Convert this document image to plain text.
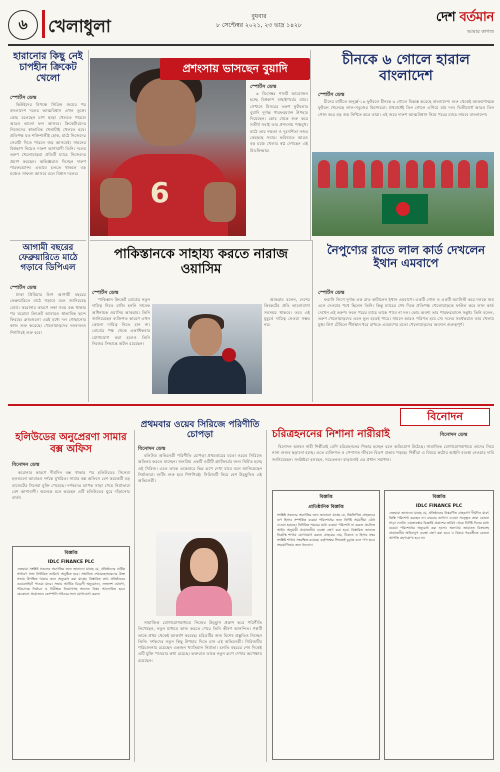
৬	খেলাধুলা
বুধবার
৮ সেপ্টেম্বর ২০২১, ২৩ ভাদ্র ১৪২৮
দেশ বর্তমান
আমার কাগজ
হারানোর কিছু নেই চাপহীন ক্রিকেট খেলো
স্পোর্টস ডেস্ক

কিউইদের বিপক্ষে সিরিজ জয়ের পর বাংলাদেশ দলের আত্মবিশ্বাস এখন তুঙ্গে। কোচ বলেছেন চাপ ছাড়া খেলতে পারলে আরও ভালো ফল আসবে। ক্রিকেটারদের নিজেদের স্বাভাবিক খেলাটাই খেলতে হবে। প্রতিপক্ষ যত শক্তিশালীই হোক, মাঠে নিজেদের সেরাটা দিতে পারলে জয় আসবেই। সামনের বিশ্বকাপ নিয়েও দারুণ আশাবাদী তিনি। দলের তরুণ খেলোয়াড়রা প্রতিটি ম্যাচে নিজেদের প্রমাণ করছেন। অভিজ্ঞরাও দিচ্ছেন দারুণ পারফরম্যান্স। এভাবে চলতে থাকলে বড় মঞ্চেও সাফল্য আসবে বলে বিশ্বাস দলের।

আগামী বছরের ফেব্রুয়ারিতে মাঠে গড়াবে ডিপিএল
স্পোর্টস ডেস্ক

ঢাকা প্রিমিয়ার লিগ আগামী বছরের ফেব্রুয়ারিতে মাঠে গড়াবে বলে জানিয়েছে বোর্ড। করোনার কারণে লম্বা সময় বন্ধ থাকার পর ঘরোয়া ক্রিকেট আবারও স্বাভাবিক ছন্দে ফিরছে। ক্লাবগুলো এরই মধ্যে দল গোছানোর কাজ শুরু করেছে। খেলোয়াড়দের দলবদলও শিগগিরই শুরু হবে।

6
প্রশংসায় ভাসছেন বুয়াদি
স্পোর্টস ডেস্ক

৬ ডিসেম্বর শার্লট আয়োজন হচ্ছে বিশ্বকাপ বাছাইপর্বের ম্যাচ। সেখানে মিসরের তরুণ ফুটবলার বুয়াদি দুর্দান্ত পারফরম্যান্স উপহার দিয়েছেন। কোচ থেকে শুরু করে সতীর্থ সবাই তার প্রশংসায় পঞ্চমুখ। মাঠে তার দক্ষতা ও দূরদর্শিতা নজর কেড়েছে সবার। ভবিষ্যতে আরও বড় মঞ্চে খেলার স্বপ্ন দেখছেন এই মিডফিল্ডার।

চীনকে ৬ গোলে হারাল বাংলাদেশ
স্পোর্টস ডেস্ক

চীনের মাটিতে অনূর্ধ্ব-১৬ ফুটবলে চীনকে ৬ গোলে বিধ্বস্ত করেছে বাংলাদেশ। শুরু থেকেই আক্রমণাত্মক ফুটবল খেলেছে লাল-সবুজের কিশোররা। প্রথমার্ধেই তিন গোলে এগিয়ে যায় দল। দ্বিতীয়ার্ধে আরও তিন গোল করে বড় জয় নিশ্চিত করে তারা। এই জয়ে দারুণ আত্মবিশ্বাস নিয়ে পরের ম্যাচে নামবে বাংলাদেশ।

পাকিস্তানকে সাহায্য করতে নারাজ ওয়াসিম
স্পোর্টস ডেস্ক

পাকিস্তান ক্রিকেট বোর্ডের নতুন দায়িত্ব নিতে রাজি হননি সাবেক অধিনায়ক ওয়াসিম আকরাম। তিনি জানিয়েছেন ব্যক্তিগত কারণে এখন কোনো দায়িত্ব নিতে চান না। বোর্ডের পক্ষ থেকে একাধিকবার যোগাযোগ করা হলেও তিনি নিজের সিদ্ধান্তে অটল রয়েছেন।

আকরাম বলেন, দেশের ক্রিকেটের প্রতি ভালোবাসা সবসময় থাকবে। তবে এই মুহূর্তে দায়িত্ব নেওয়া সম্ভব নয়।

নৈপুণ্যের রাতে লাল কার্ড দেখলেন ইথান এমবাপে
স্পোর্টস ডেস্ক

ফরাসি লিগে দুর্দান্ত এক রাত কাটালেন ইথান এমবাপে। একটি গোল ও একটি অ্যাসিস্ট করে দলকে জয় এনে দেওয়ার পথে ছিলেন তিনি। কিন্তু ম্যাচের শেষ দিকে প্রতিপক্ষ খেলোয়াড়কে ফাউল করে লাল কার্ড দেখেন এই তরুণ। ফলে পরের ম্যাচে তাকে পাবে না দল। কোচ অবশ্য তার পারফরম্যান্সে সন্তুষ্ট। তিনি বলেন, তরুণ খেলোয়াড়দের এমন ভুল হতেই পারে। সামনে আরও পরিণত হবে সে। দলের সমর্থকরাও তার খেলায় মুগ্ধ। লিগ টেবিলে শীর্ষস্থান ধরে রাখতে এমবাপের মতো খেলোয়াড়দের অবদান গুরুত্বপূর্ণ।

বিনোদন
হলিউডের অনুপ্রেরণা সামার বক্স অফিস
বিনোদন ডেস্ক

করোনার কারণে দীর্ঘদিন বন্ধ থাকার পর হলিউডের সিনেমা হলগুলো আবারও দর্শকে মুখরিত। সামার বক্স অফিসে বেশ কয়েকটি বড় বাজেটের সিনেমা মুক্তি পেয়েছে। দর্শকদের ব্যাপক সাড়া পেয়ে নির্মাতারা বেশ আশাবাদী। অনেকে মনে করছেন এটি হলিউডের ঘুরে দাঁড়ানোর বার্তা।

বিজ্ঞপ্তি
IDLC FINANCE PLC
এতদ্বারা সংশ্লিষ্ট সকলের অবগতির জন্য জানানো যাচ্ছে যে, প্রতিষ্ঠানের বার্ষিক সাধারণ সভা নির্ধারিত তারিখে অনুষ্ঠিত হবে। সম্মানিত শেয়ারহোল্ডারদের উক্ত সভায় উপস্থিত থাকার জন্য অনুরোধ করা যাচ্ছে। বিস্তারিত তথ্য প্রতিষ্ঠানের ওয়েবসাইটে পাওয়া যাবে। সভায় আর্থিক বিবরণী অনুমোদন, লভ্যাংশ ঘোষণা, পরিচালক নির্বাচন ও নিরীক্ষক নিয়োগসহ অন্যান্য বিষয় আলোচিত হবে। যেকোনো প্রয়োজনে কোম্পানি সচিবের সঙ্গে যোগাযোগ করুন।
প্রথমবার ওয়েব সিরিজে পরিণীতি চোপড়া
বিনোদন ডেস্ক

বলিউড অভিনেত্রী পরিণীতি চোপড়া প্রথমবারের মতো ওয়েব সিরিজে অভিনয় করতে যাচ্ছেন। জনপ্রিয় একটি ওটিটি প্ল্যাটফর্মের জন্য নির্মিত হচ্ছে এই সিরিজ। এতে তাকে একেবারে ভিন্ন রূপে দেখা যাবে বলে জানিয়েছেন নির্মাতারা। শুটিং শুরু হবে শিগগিরই। সিরিজটি নিয়ে বেশ উচ্ছ্বসিত এই অভিনেত্রী।

সামাজিক যোগাযোগমাধ্যমে নিজের উচ্ছ্বাস প্রকাশ করে পরিণীতি লিখেছেন, নতুন মাধ্যমে কাজ করতে পেরে তিনি ভীষণ আনন্দিত। গল্পটি তাকে প্রথম থেকেই আকর্ষণ করেছে। চরিত্রটির জন্য বিশেষ প্রস্তুতিও নিচ্ছেন তিনি। দর্শকদের নতুন কিছু উপহার দিতে চান এই অভিনেত্রী। সিরিজটির পরিচালনায় রয়েছেন একজন খ্যাতিমান নির্মাতা। চলতি বছরের শেষ দিকেই এটি মুক্তি পাওয়ার কথা রয়েছে। ভক্তরাও তাকে নতুন রূপে দেখার অপেক্ষায় রয়েছেন।

চরিত্রহননের নিশানা নারীরাই	বিনোদন ডেস্ক

বিনোদন অঙ্গনে নারী শিল্পীরাই বেশি চরিত্রহননের শিকার হচ্ছেন বলে অভিযোগ উঠেছে। সামাজিক যোগাযোগমাধ্যমে তাদের নিয়ে নানা গুজব ছড়ানো হচ্ছে। এতে ব্যক্তিগত ও পেশাগত জীবনে বিরূপ প্রভাব পড়ছে। শিল্পীরা এ বিষয়ে কঠোর আইনি ব্যবস্থা নেওয়ার দাবি জানিয়েছেন। সংশ্লিষ্টরা বলছেন, সচেতনতা বাড়ানোই এর প্রধান সমাধান।

বিজ্ঞপ্তি
প্রাতিষ্ঠানিক বিজ্ঞপ্তি
সংশ্লিষ্ট সকলের অবগতির জন্য জানানো যাচ্ছে যে, নিম্নলিখিত গ্রাহকদের ঋণ হিসাব সম্পর্কিত বকেয়া পরিশোধের জন্য নির্দিষ্ট সময়সীমা বেঁধে দেওয়া হয়েছে। নির্ধারিত সময়ের মধ্যে বকেয়া পরিশোধ না করলে প্রচলিত আইন অনুযায়ী প্রয়োজনীয় ব্যবস্থা গ্রহণ করা হবে। বিস্তারিত জানতে নিকটস্থ শাখায় যোগাযোগ করুন। গ্রাহকের নাম, ঠিকানা ও হিসাব নম্বর সংশ্লিষ্ট শাখায় সংরক্ষিত রয়েছে। কর্তৃপক্ষের সিদ্ধান্তই চূড়ান্ত বলে গণ্য হবে। সহযোগিতার জন্য ধন্যবাদ।
বিজ্ঞপ্তি
IDLC FINANCE PLC
এতদ্বারা জানানো যাচ্ছে যে, প্রতিষ্ঠানের নিম্নবর্ণিত গ্রাহকগণ দীর্ঘদিন যাবৎ কিস্তি পরিশোধ করছেন না। বারবার তাগাদা দেওয়া সত্ত্বেও তারা কোনো সাড়া দেননি। এমতাবস্থায় বিজ্ঞপ্তি প্রকাশের তারিখ থেকে নির্দিষ্ট দিনের মধ্যে বকেয়া পরিশোধের অনুরোধ করা হলো। অন্যথায় জামানত বিক্রয়সহ প্রয়োজনীয় আইনানুগ ব্যবস্থা গ্রহণ করা হবে। এ বিষয়ে পরবর্তীতে কোনো আপত্তি গ্রহণযোগ্য হবে না।
